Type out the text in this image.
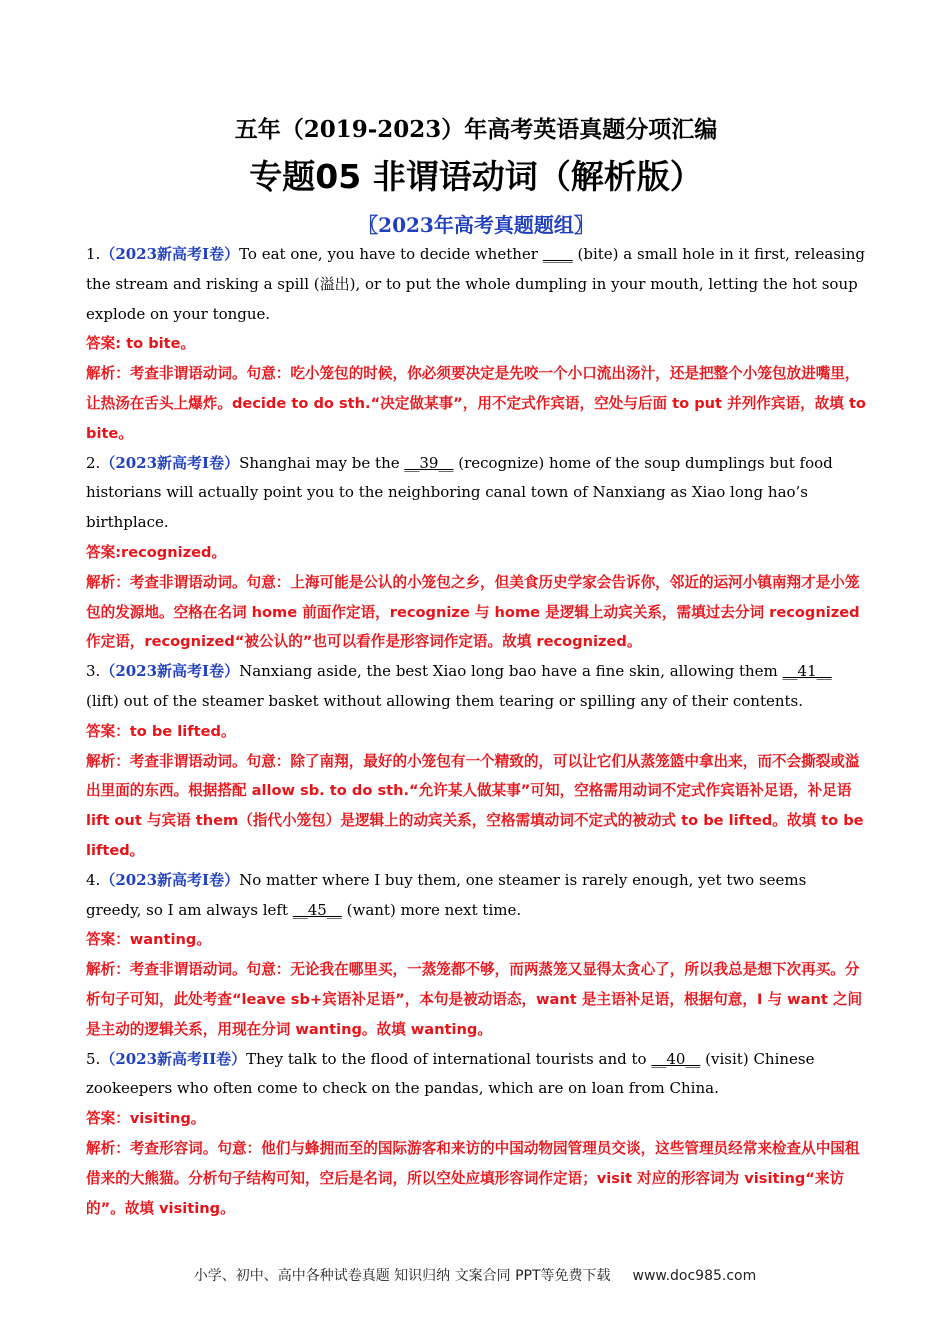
五年（2019-2023）年高考英语真题分项汇编
专题05 非谓语动词（解析版）
〖2023年高考真题题组〗

1.（2023新高考I卷）To eat one, you have to decide whether ____ (bite) a small hole in it first, releasing the stream and risking a spill (溢出), or to put the whole dumpling in your mouth, letting the hot soup explode on your tongue.

答案: to bite。

解析：考查非谓语动词。句意：吃小笼包的时候，你必须要决定是先咬一个小口流出汤汁，还是把整个小笼包放进嘴里，让热汤在舌头上爆炸。decide to do sth.“决定做某事”，用不定式作宾语，空处与后面 to put 并列作宾语，故填 to bite。

2.（2023新高考I卷）Shanghai may be the __39__ (recognize) home of the soup dumplings but food historians will actually point you to the neighboring canal town of Nanxiang as Xiao long hao’s birthplace.

答案:recognized。

解析：考查非谓语动词。句意：上海可能是公认的小笼包之乡，但美食历史学家会告诉你，邻近的运河小镇南翔才是小笼包的发源地。空格在名词 home 前面作定语，recognize 与 home 是逻辑上动宾关系，需填过去分词 recognized 作定语，recognized“被公认的”也可以看作是形容词作定语。故填 recognized。

3.（2023新高考I卷）Nanxiang aside, the best Xiao long bao have a fine skin, allowing them __41__ (lift) out of the steamer basket without allowing them tearing or spilling any of their contents.

答案：to be lifted。

解析：考查非谓语动词。句意：除了南翔，最好的小笼包有一个精致的，可以让它们从蒸笼篮中拿出来，而不会撕裂或溢出里面的东西。根据搭配 allow sb. to do sth.“允许某人做某事”可知，空格需用动词不定式作宾语补足语，补足语 lift out 与宾语 them（指代小笼包）是逻辑上的动宾关系，空格需填动词不定式的被动式 to be lifted。故填 to be lifted。

4.（2023新高考I卷）No matter where I buy them, one steamer is rarely enough, yet two seems greedy, so I am always left __45__ (want) more next time.

答案：wanting。

解析：考查非谓语动词。句意：无论我在哪里买，一蒸笼都不够，而两蒸笼又显得太贪心了，所以我总是想下次再买。分析句子可知，此处考查“leave sb+宾语补足语”，本句是被动语态，want 是主语补足语，根据句意，I 与 want 之间是主动的逻辑关系，用现在分词 wanting。故填 wanting。

5.（2023新高考II卷）They talk to the flood of international tourists and to __40__ (visit) Chinese zookeepers who often come to check on the pandas, which are on loan from China.

答案：visiting。

解析：考查形容词。句意：他们与蜂拥而至的国际游客和来访的中国动物园管理员交谈，这些管理员经常来检查从中国租借来的大熊猫。分析句子结构可知，空后是名词，所以空处应填形容词作定语；visit 对应的形容词为 visiting“来访的”。故填 visiting。

小学、初中、高中各种试卷真题 知识归纳 文案合同 PPT等免费下载 www.doc985.com
